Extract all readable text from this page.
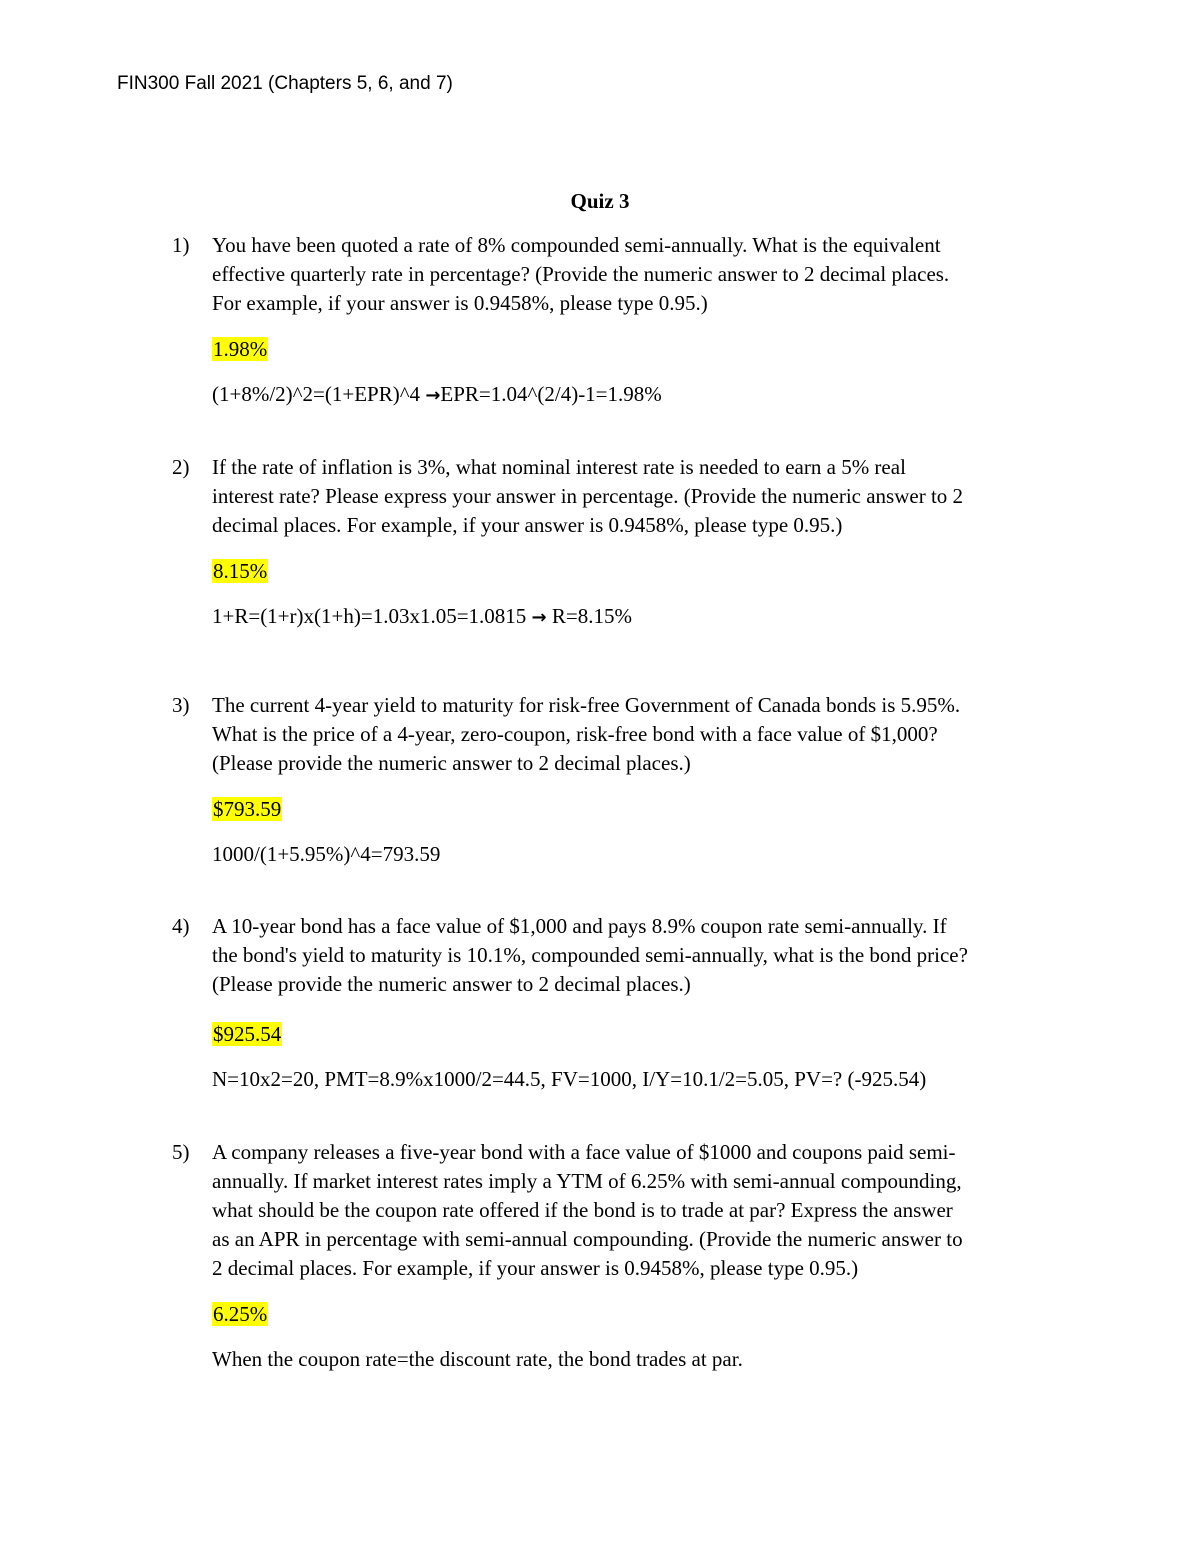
FIN300 Fall 2021 (Chapters 5, 6, and 7)
Quiz 3
1) You have been quoted a rate of 8% compounded semi-annually. What is the equivalent
effective quarterly rate in percentage? (Provide the numeric answer to 2 decimal places.
For example, if your answer is 0.9458%, please type 0.95.)
1.98%
(1+8%/2)^2=(1+EPR)^4 →EPR=1.04^(2/4)-1=1.98%
2) If the rate of inflation is 3%, what nominal interest rate is needed to earn a 5% real
interest rate? Please express your answer in percentage. (Provide the numeric answer to 2
decimal places. For example, if your answer is 0.9458%, please type 0.95.)
8.15%
1+R=(1+r)x(1+h)=1.03x1.05=1.0815 → R=8.15%
3) The current 4-year yield to maturity for risk-free Government of Canada bonds is 5.95%.
What is the price of a 4-year, zero-coupon, risk-free bond with a face value of $1,000?
(Please provide the numeric answer to 2 decimal places.)
$793.59
1000/(1+5.95%)^4=793.59
4) A 10-year bond has a face value of $1,000 and pays 8.9% coupon rate semi-annually. If
the bond's yield to maturity is 10.1%, compounded semi-annually, what is the bond price?
(Please provide the numeric answer to 2 decimal places.)
$925.54
N=10x2=20, PMT=8.9%x1000/2=44.5, FV=1000, I/Y=10.1/2=5.05, PV=? (-925.54)
5) A company releases a five-year bond with a face value of $1000 and coupons paid semi-
annually. If market interest rates imply a YTM of 6.25% with semi-annual compounding,
what should be the coupon rate offered if the bond is to trade at par? Express the answer
as an APR in percentage with semi-annual compounding. (Provide the numeric answer to
2 decimal places. For example, if your answer is 0.9458%, please type 0.95.)
6.25%
When the coupon rate=the discount rate, the bond trades at par.
